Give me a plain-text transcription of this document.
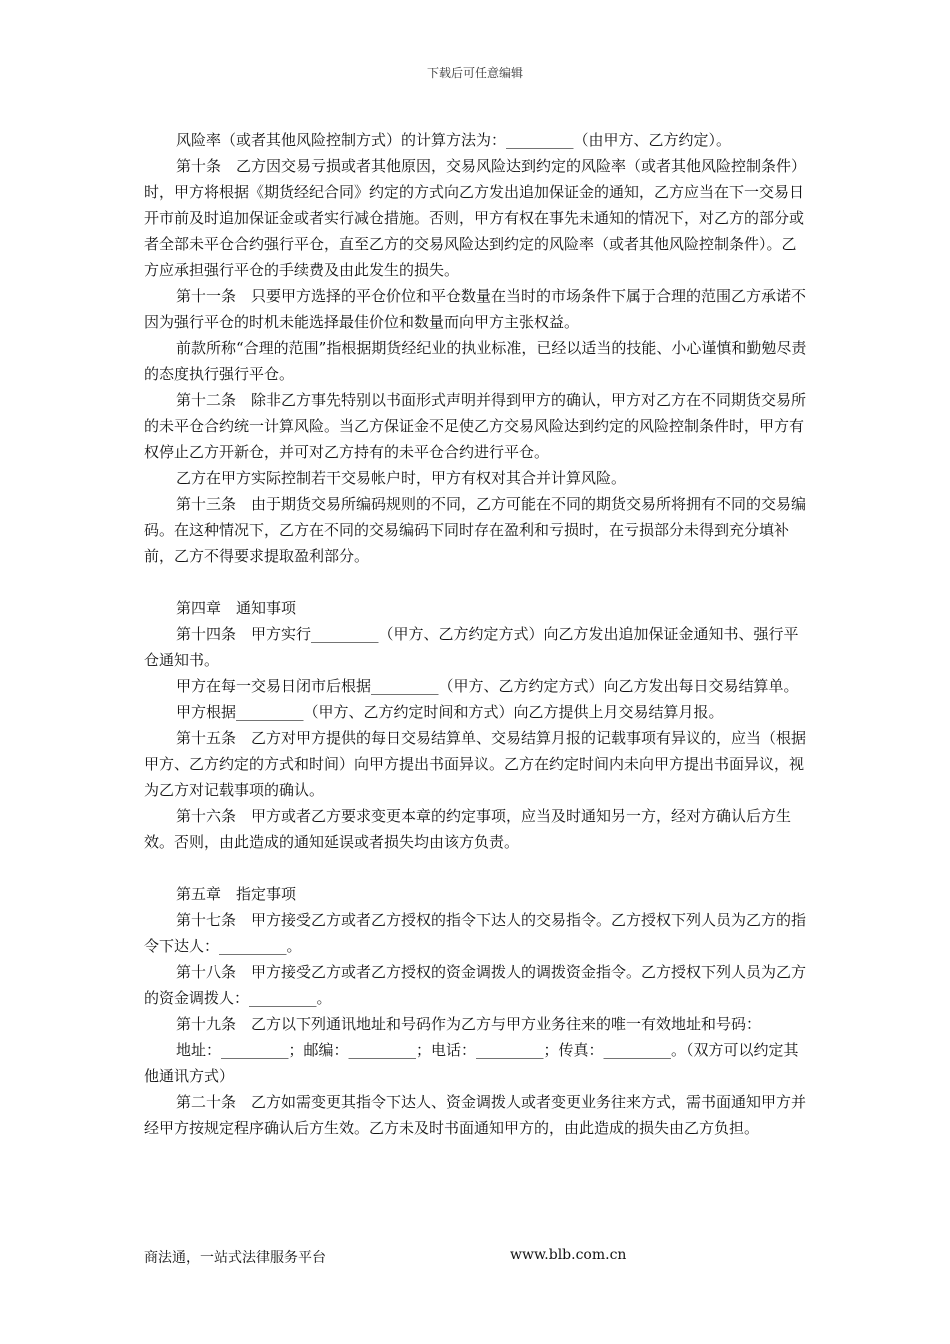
下载后可任意编辑

风险率（或者其他风险控制方式）的计算方法为：_________（由甲方、乙方约定）。

第十条　乙方因交易亏损或者其他原因，交易风险达到约定的风险率（或者其他风险控制条件）时，甲方将根据《期货经纪合同》约定的方式向乙方发出追加保证金的通知，乙方应当在下一交易日开市前及时追加保证金或者实行减仓措施。否则，甲方有权在事先未通知的情况下，对乙方的部分或者全部未平仓合约强行平仓，直至乙方的交易风险达到约定的风险率（或者其他风险控制条件）。乙方应承担强行平仓的手续费及由此发生的损失。

第十一条　只要甲方选择的平仓价位和平仓数量在当时的市场条件下属于合理的范围乙方承诺不因为强行平仓的时机未能选择最佳价位和数量而向甲方主张权益。

前款所称“合理的范围”指根据期货经纪业的执业标准，已经以适当的技能、小心谨慎和勤勉尽责的态度执行强行平仓。

第十二条　除非乙方事先特别以书面形式声明并得到甲方的确认，甲方对乙方在不同期货交易所的未平仓合约统一计算风险。当乙方保证金不足使乙方交易风险达到约定的风险控制条件时，甲方有权停止乙方开新仓，并可对乙方持有的未平仓合约进行平仓。

乙方在甲方实际控制若干交易帐户时，甲方有权对其合并计算风险。

第十三条　由于期货交易所编码规则的不同，乙方可能在不同的期货交易所将拥有不同的交易编码。在这种情况下，乙方在不同的交易编码下同时存在盈利和亏损时，在亏损部分未得到充分填补前，乙方不得要求提取盈利部分。

第四章　通知事项

第十四条　甲方实行_________（甲方、乙方约定方式）向乙方发出追加保证金通知书、强行平仓通知书。

甲方在每一交易日闭市后根据_________（甲方、乙方约定方式）向乙方发出每日交易结算单。

甲方根据_________（甲方、乙方约定时间和方式）向乙方提供上月交易结算月报。

第十五条　乙方对甲方提供的每日交易结算单、交易结算月报的记载事项有异议的，应当（根据甲方、乙方约定的方式和时间）向甲方提出书面异议。乙方在约定时间内未向甲方提出书面异议，视为乙方对记载事项的确认。

第十六条　甲方或者乙方要求变更本章的约定事项，应当及时通知另一方，经对方确认后方生效。否则，由此造成的通知延误或者损失均由该方负责。

第五章　指定事项

第十七条　甲方接受乙方或者乙方授权的指令下达人的交易指令。乙方授权下列人员为乙方的指令下达人：_________。

第十八条　甲方接受乙方或者乙方授权的资金调拨人的调拨资金指令。乙方授权下列人员为乙方的资金调拨人：_________。

第十九条　乙方以下列通讯地址和号码作为乙方与甲方业务往来的唯一有效地址和号码：

地址：_________；邮编：_________；电话：_________；传真：_________。（双方可以约定其他通讯方式）

第二十条　乙方如需变更其指令下达人、资金调拨人或者变更业务往来方式，需书面通知甲方并经甲方按规定程序确认后方生效。乙方未及时书面通知甲方的，由此造成的损失由乙方负担。

商法通，一站式法律服务平台	www.blb.com.cn
